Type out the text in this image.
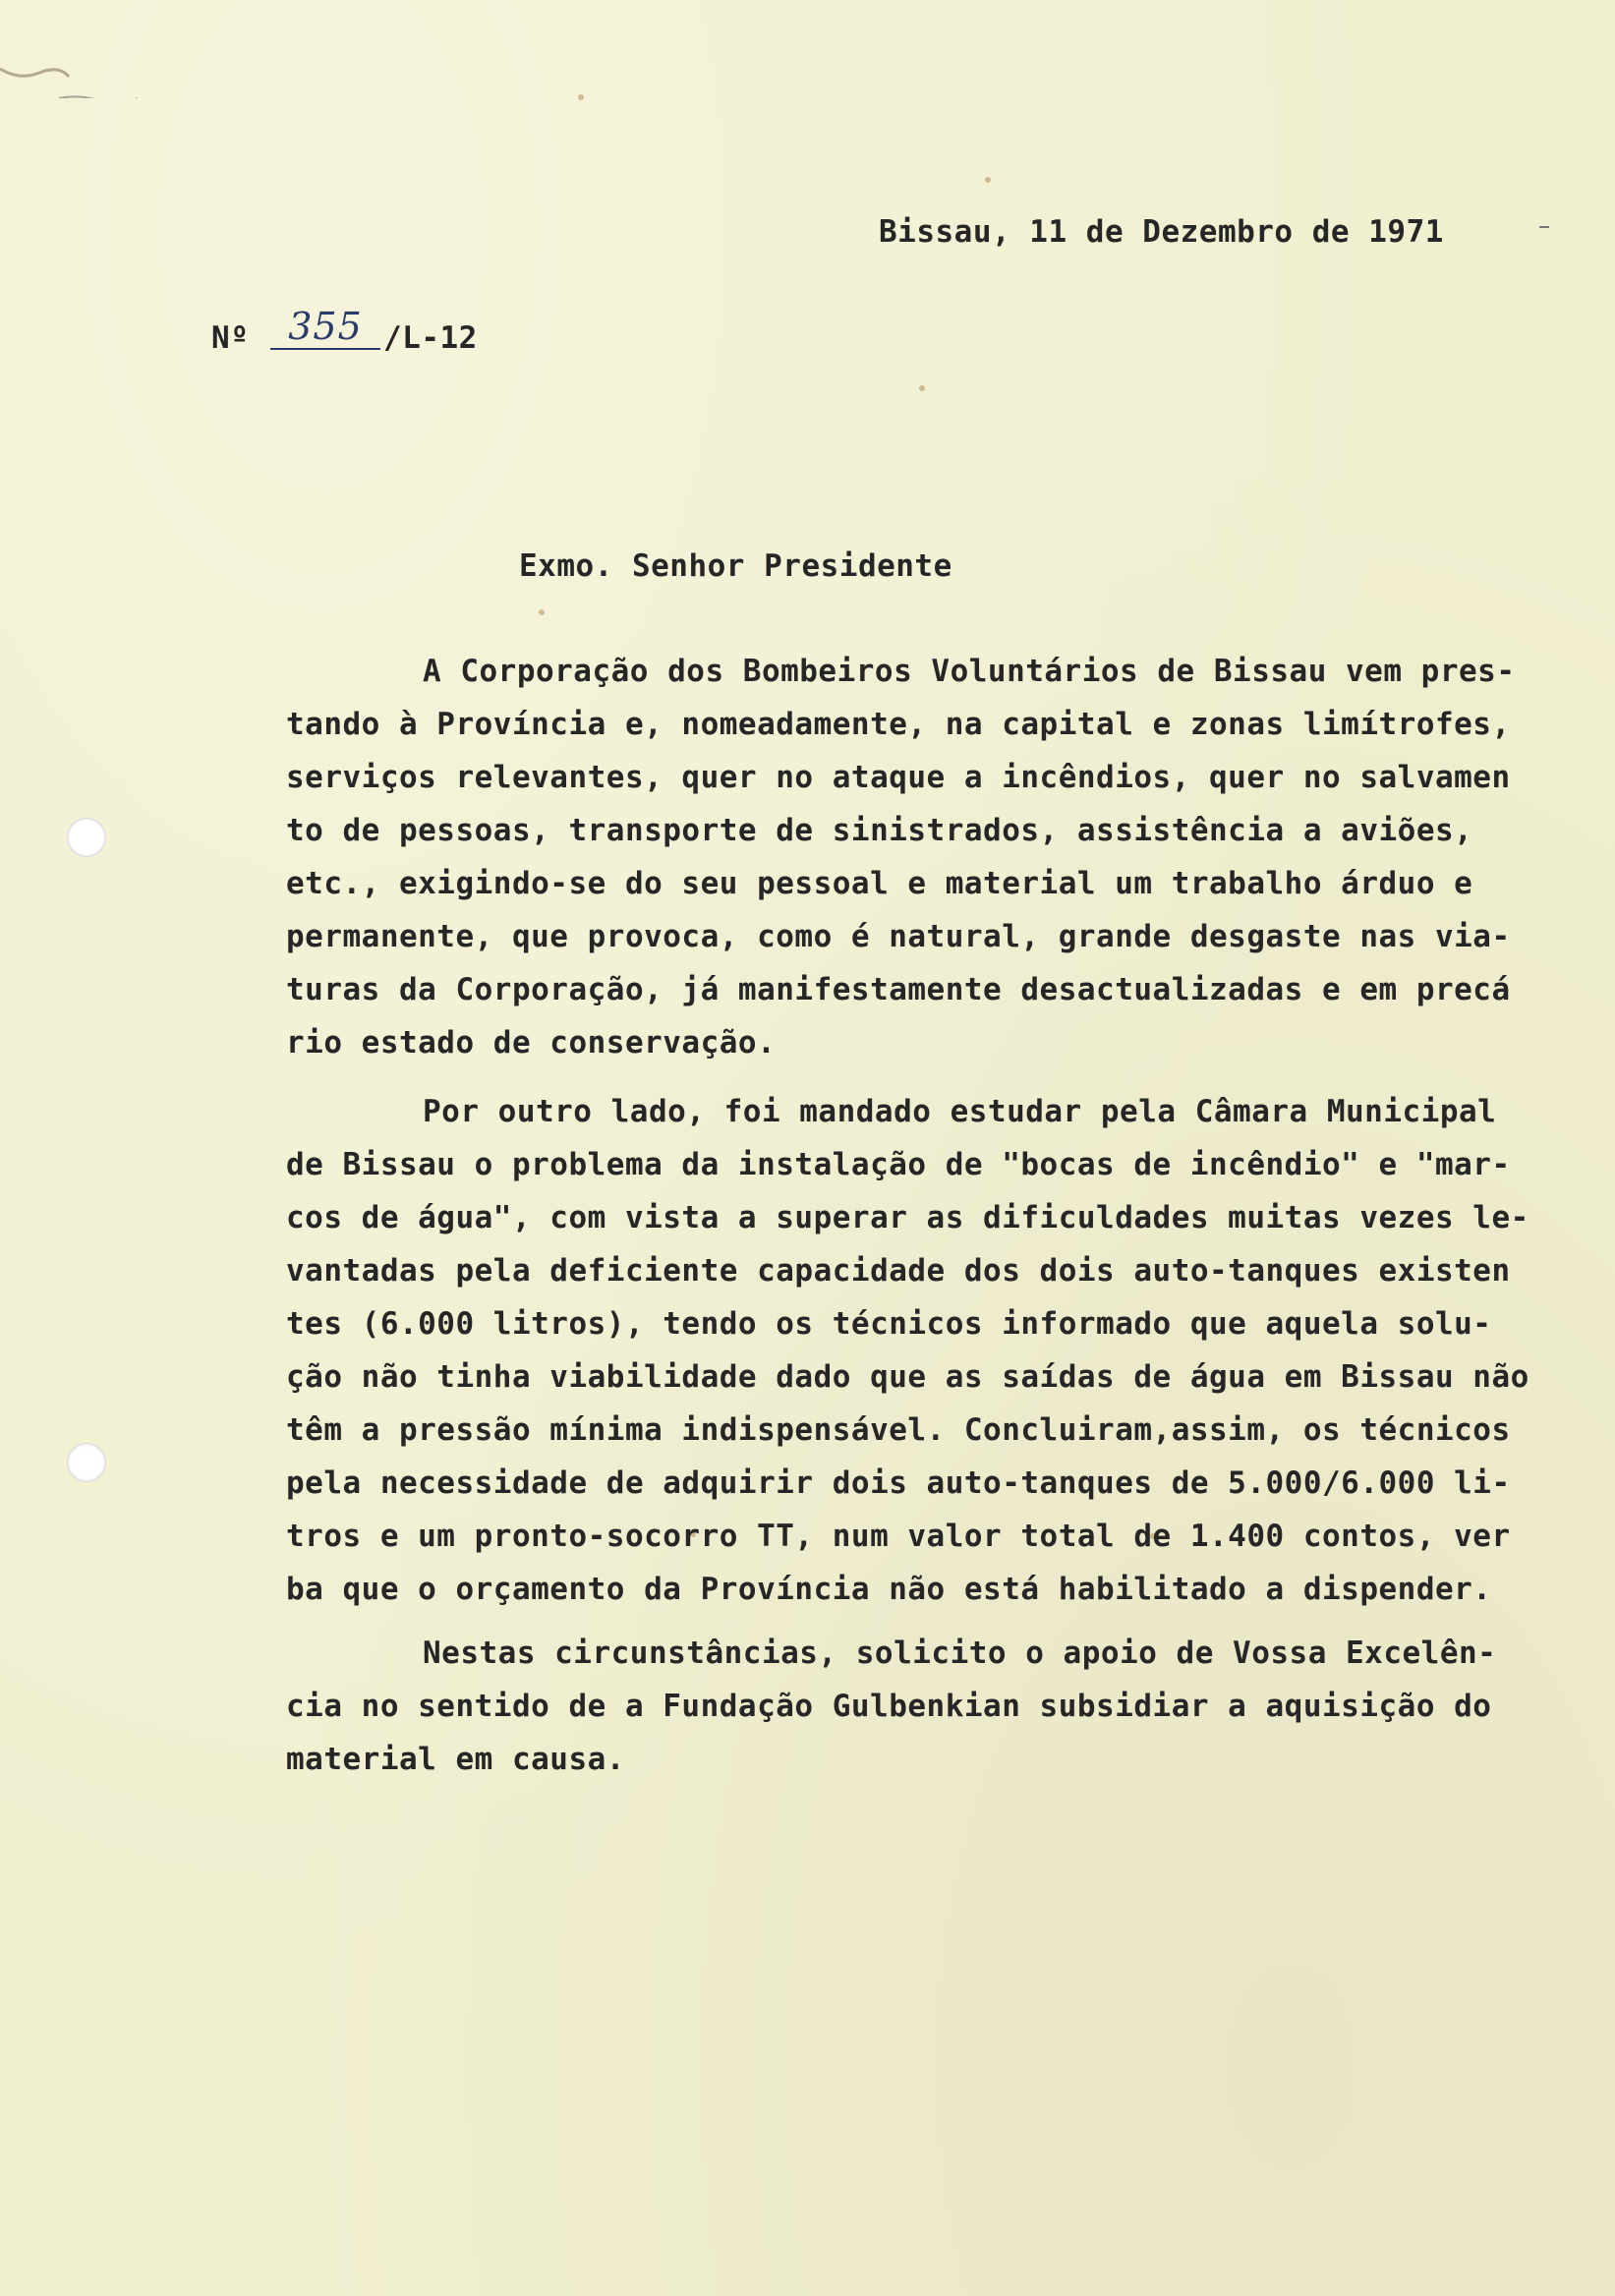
Bissau, 11 de Dezembro de 1971
Nº	355 /L-12
Exmo. Senhor Presidente
A Corporação dos Bombeiros Voluntários de Bissau vem pres-
tando à Província e, nomeadamente, na capital e zonas limítrofes,
serviços relevantes, quer no ataque a incêndios, quer no salvamen
to de pessoas, transporte de sinistrados, assistência a aviões,
etc., exigindo-se do seu pessoal e material um trabalho árduo e
permanente, que provoca, como é natural, grande desgaste nas via-
turas da Corporação, já manifestamente desactualizadas e em precá
rio estado de conservação.
Por outro lado, foi mandado estudar pela Câmara Municipal
de Bissau o problema da instalação de "bocas de incêndio" e "mar-
cos de água", com vista a superar as dificuldades muitas vezes le-
vantadas pela deficiente capacidade dos dois auto-tanques existen
tes (6.000 litros), tendo os técnicos informado que aquela solu-
ção não tinha viabilidade dado que as saídas de água em Bissau não
têm a pressão mínima indispensável. Concluiram,assim, os técnicos
pela necessidade de adquirir dois auto-tanques de 5.000/6.000 li-
tros e um pronto-socorro TT, num valor total de 1.400 contos, ver
ba que o orçamento da Província não está habilitado a dispender.
Nestas circunstâncias, solicito o apoio de Vossa Excelên-
cia no sentido de a Fundação Gulbenkian subsidiar a aquisição do
material em causa.
